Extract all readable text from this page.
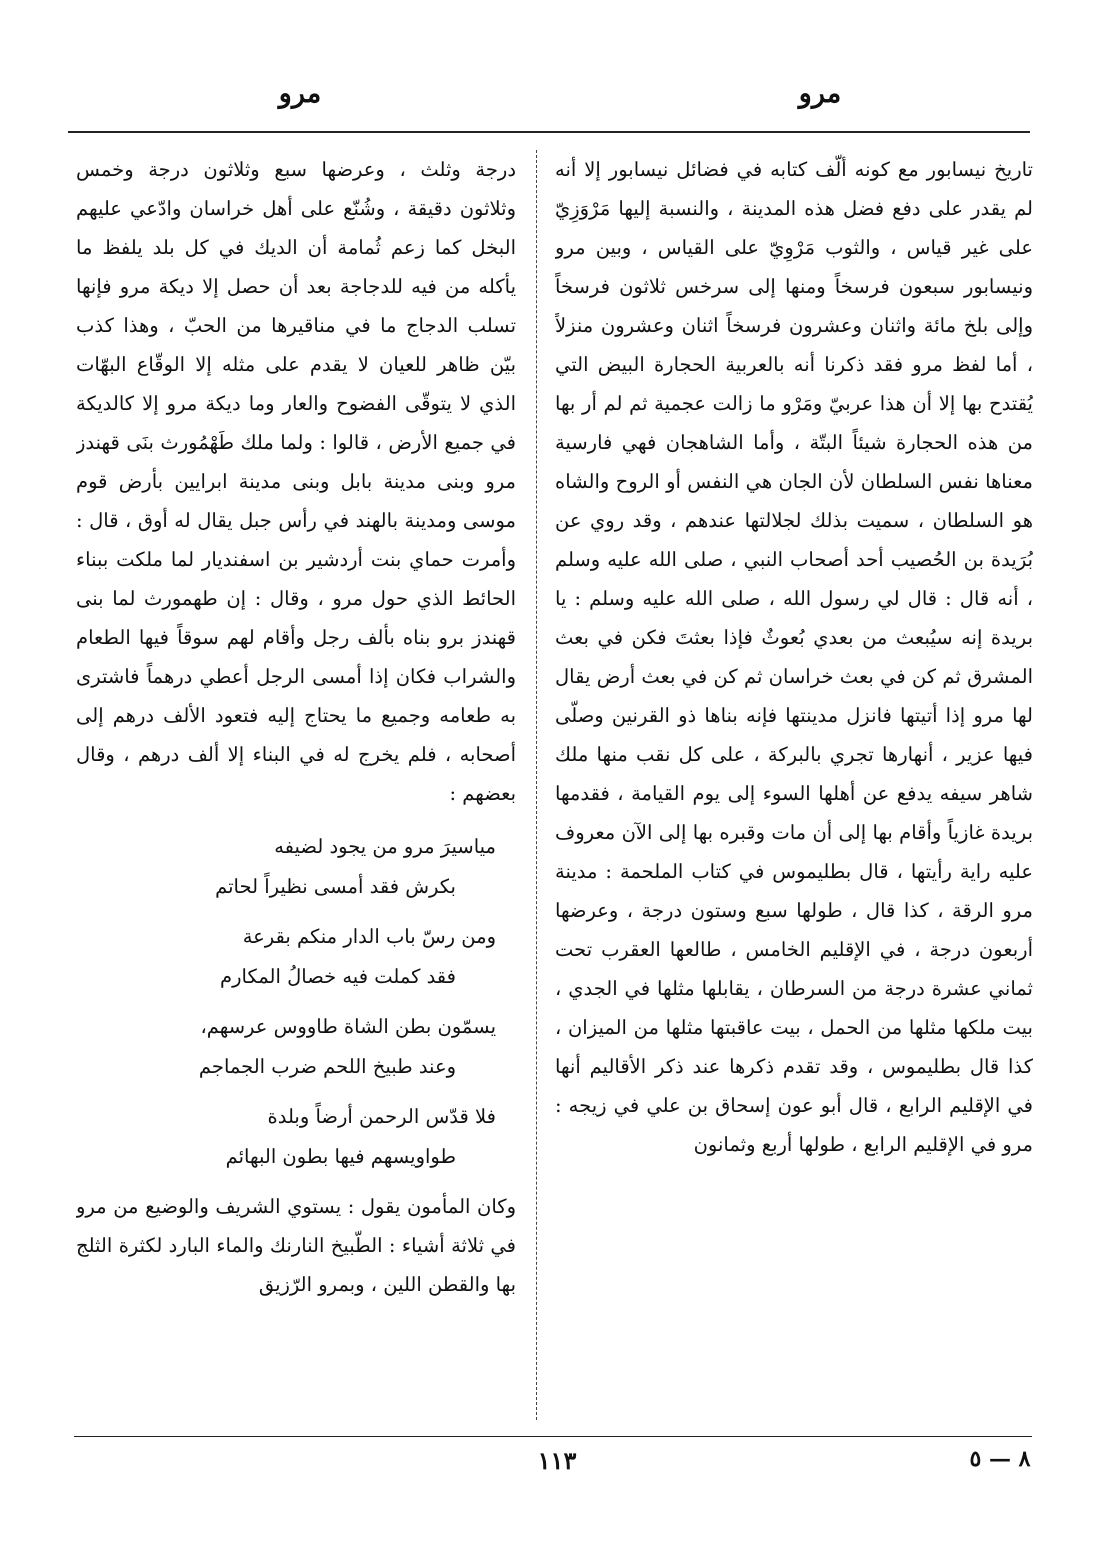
مرو
مرو

تاريخ نيسابور مع كونه ألّف كتابه في فضائل نيسابور إلا أنه لم يقدر على دفع فضل هذه المدينة ، والنسبة إليها مَرْوَزِيّ على غير قياس ، والثوب مَرْوِيّ على القياس ، وبين مرو ونيسابور سبعون فرسخاً ومنها إلى سرخس ثلاثون فرسخاً وإلى بلخ مائة واثنان وعشرون فرسخاً اثنان وعشرون منزلاً ، أما لفظ مرو فقد ذكرنا أنه بالعربية الحجارة البيض التي يُقتدح بها إلا أن هذا عربيّ ومَرْو ما زالت عجمية ثم لم أر بها من هذه الحجارة شيئاً البتّة ، وأما الشاهجان فهي فارسية معناها نفس السلطان لأن الجان هي النفس أو الروح والشاه هو السلطان ، سميت بذلك لجلالتها عندهم ، وقد روي عن بُرَيدة بن الحُصيب أحد أصحاب النبي ، صلى الله عليه وسلم ، أنه قال : قال لي رسول الله ، صلى الله عليه وسلم : يا بريدة إنه سيُبعث من بعدي بُعوثٌ فإذا بعثتَ فكن في بعث المشرق ثم كن في بعث خراسان ثم كن في بعث أرض يقال لها مرو إذا أتيتها فانزل مدينتها فإنه بناها ذو القرنين وصلّى فيها عزير ، أنهارها تجري بالبركة ، على كل نقب منها ملك شاهر سيفه يدفع عن أهلها السوء إلى يوم القيامة ، فقدمها بريدة غازياً وأقام بها إلى أن مات وقبره بها إلى الآن معروف عليه راية رأيتها ، قال بطليموس في كتاب الملحمة : مدينة مرو الرقة ، كذا قال ، طولها سبع وستون درجة ، وعرضها أربعون درجة ، في الإقليم الخامس ، طالعها العقرب تحت ثماني عشرة درجة من السرطان ، يقابلها مثلها في الجدي ، بيت ملكها مثلها من الحمل ، بيت عاقبتها مثلها من الميزان ، كذا قال بطليموس ، وقد تقدم ذكرها عند ذكر الأقاليم أنها في الإقليم الرابع ، قال أبو عون إسحاق بن علي في زيجه : مرو في الإقليم الرابع ، طولها أربع وثمانون

درجة وثلث ، وعرضها سبع وثلاثون درجة وخمس وثلاثون دقيقة ، وشُنّع على أهل خراسان وادّعي عليهم البخل كما زعم ثُمامة أن الديك في كل بلد يلفظ ما يأكله من فيه للدجاجة بعد أن حصل إلا ديكة مرو فإنها تسلب الدجاج ما في مناقيرها من الحبّ ، وهذا كذب بيّن ظاهر للعيان لا يقدم على مثله إلا الوقّاع البهّات الذي لا يتوقّى الفضوح والعار وما ديكة مرو إلا كالديكة في جميع الأرض ، قالوا : ولما ملك طَهْمُورث بنَى قهندز مرو وبنى مدينة بابل وبنى مدينة ابرايين بأرض قوم موسى ومدينة بالهند في رأس جبل يقال له أوق ، قال : وأمرت حماي بنت أردشير بن اسفنديار لما ملكت ببناء الحائط الذي حول مرو ، وقال : إن طهمورث لما بنى قهندز برو بناه بألف رجل وأقام لهم سوقاً فيها الطعام والشراب فكان إذا أمسى الرجل أعطي درهماً فاشترى به طعامه وجميع ما يحتاج إليه فتعود الألف درهم إلى أصحابه ، فلم يخرج له في البناء إلا ألف درهم ، وقال بعضهم :

مياسيرَ مرو من يجود لضيفه
بكرش فقد أمسى نظيراً لحاتم
ومن رسّ باب الدار منكم بقرعة
فقد كملت فيه خصالُ المكارم
يسمّون بطن الشاة طاووس عرسهم،
وعند طبيخ اللحم ضرب الجماجم
فلا قدّس الرحمن أرضاً وبلدة
طواويسهم فيها بطون البهائم

وكان المأمون يقول : يستوي الشريف والوضيع من مرو في ثلاثة أشياء : الطّبيخ النارنك والماء البارد لكثرة الثلج بها والقطن اللين ، وبمرو الرّزيق

١١٣	٨ — ٥
